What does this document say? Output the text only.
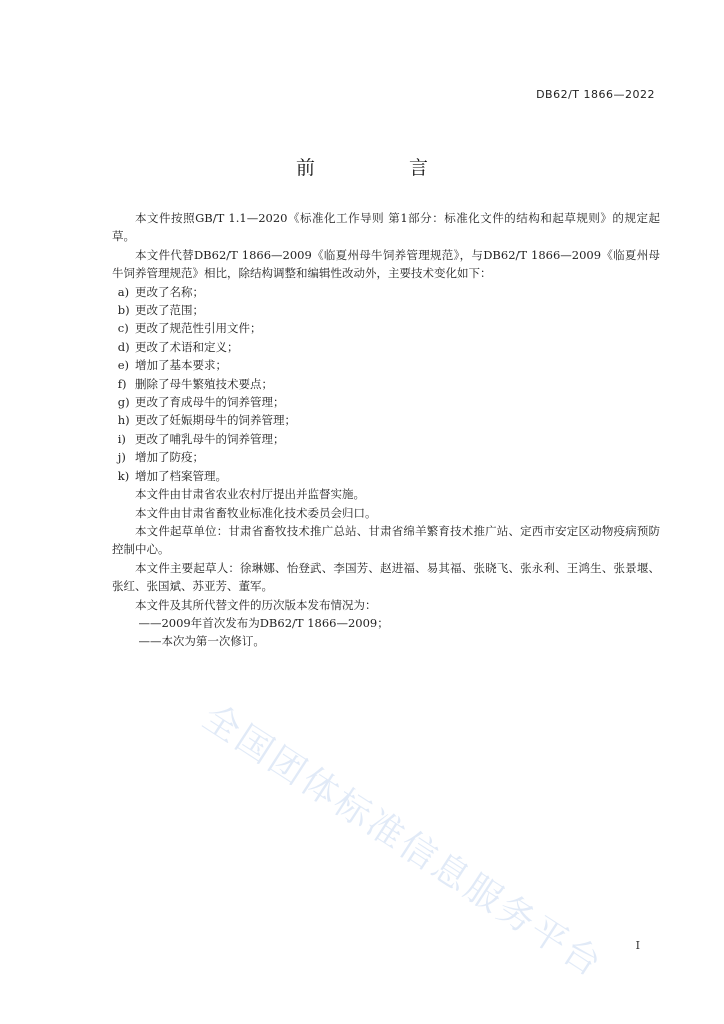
DB62/T 1866—2022
前 言

本文件按照GB/T 1.1—2020《标准化工作导则 第1部分：标准化文件的结构和起草规则》的规定起草。

本文件代替DB62/T 1866—2009《临夏州母牛饲养管理规范》，与DB62/T 1866—2009《临夏州母牛饲养管理规范》相比，除结构调整和编辑性改动外，主要技术变化如下：

a) 更改了名称；

b) 更改了范围；

c) 更改了规范性引用文件；

d) 更改了术语和定义；

e) 增加了基本要求；

f) 删除了母牛繁殖技术要点；

g) 更改了育成母牛的饲养管理；

h) 更改了妊娠期母牛的饲养管理；

i) 更改了哺乳母牛的饲养管理；

j) 增加了防疫；

k) 增加了档案管理。

本文件由甘肃省农业农村厅提出并监督实施。

本文件由甘肃省畜牧业标准化技术委员会归口。

本文件起草单位：甘肃省畜牧技术推广总站、甘肃省绵羊繁育技术推广站、定西市安定区动物疫病预防控制中心。

本文件主要起草人：徐琳娜、怡登武、李国芳、赵进福、易其福、张晓飞、张永利、王鸿生、张景堰、张红、张国斌、苏亚芳、董军。

本文件及其所代替文件的历次版本发布情况为：

——2009年首次发布为DB62/T 1866—2009；

——本次为第一次修订。

全国团体标准信息服务平台	I
